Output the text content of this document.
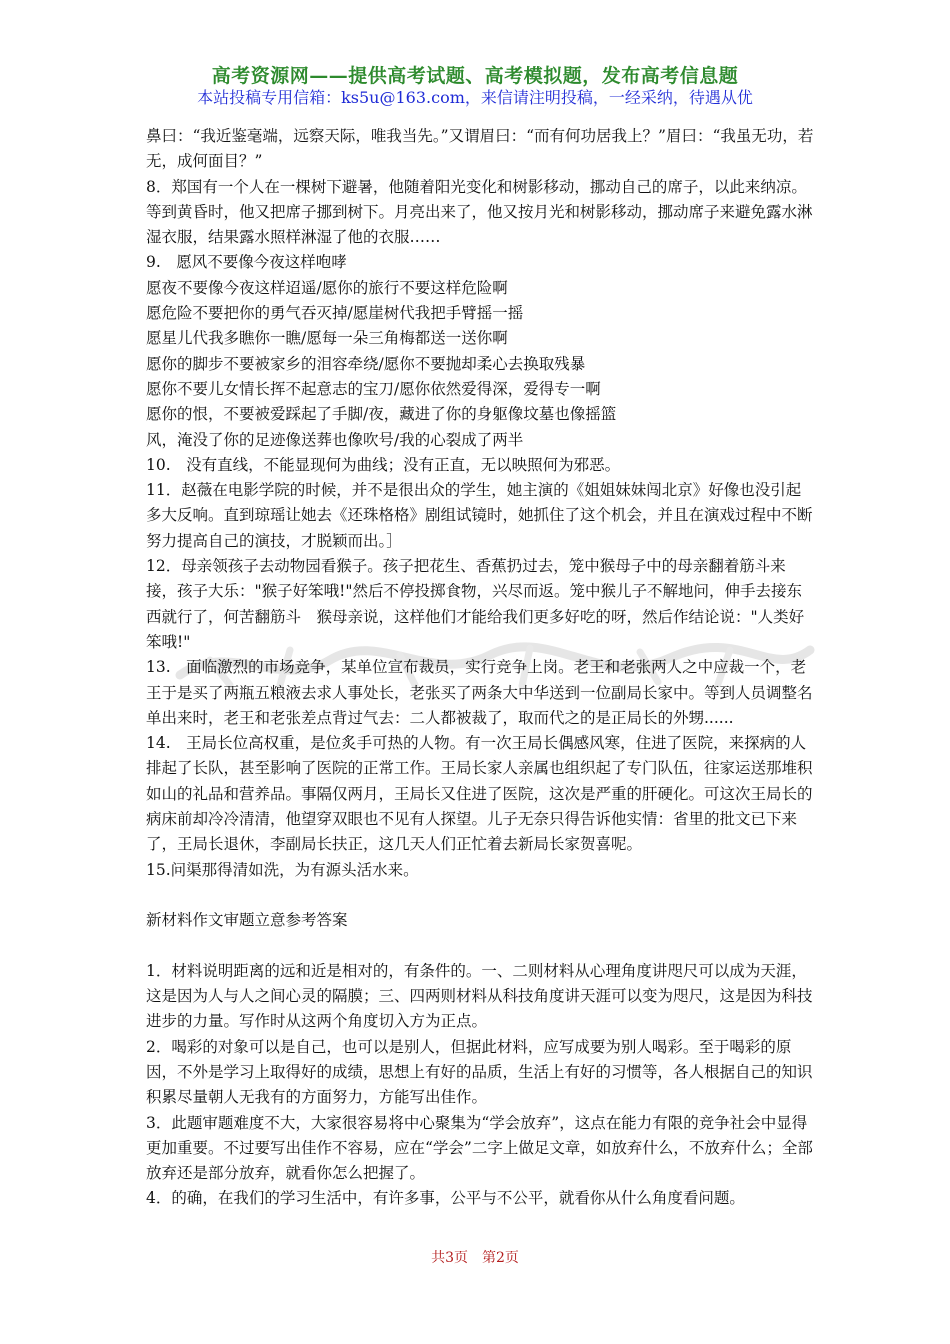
高考资源网——提供高考试题、高考模拟题，发布高考信息题
本站投稿专用信箱：ks5u@163.com，来信请注明投稿，一经采纳，待遇从优

鼻曰：“我近鉴毫端，远察天际，唯我当先。”又谓眉曰：“而有何功居我上？”眉曰：“我虽无功，若无，成何面目？”

8．郑国有一个人在一棵树下避暑，他随着阳光变化和树影移动，挪动自己的席子，以此来纳凉。等到黄昏时，他又把席子挪到树下。月亮出来了，他又按月光和树影移动，挪动席子来避免露水淋湿衣服，结果露水照样淋湿了他的衣服……

9.　愿风不要像今夜这样咆哮

愿夜不要像今夜这样迢遥/愿你的旅行不要这样危险啊

愿危险不要把你的勇气吞灭掉/愿崖树代我把手臂摇一摇

愿星儿代我多瞧你一瞧/愿每一朵三角梅都送一送你啊

愿你的脚步不要被家乡的泪容牵绕/愿你不要抛却柔心去换取残暴

愿你不要儿女情长挥不起意志的宝刀/愿你依然爱得深，爱得专一啊

愿你的恨，不要被爱踩起了手脚/夜，藏进了你的身躯像坟墓也像摇篮

风，淹没了你的足迹像送葬也像吹号/我的心裂成了两半

10.　没有直线，不能显现何为曲线；没有正直，无以映照何为邪恶。

11．赵薇在电影学院的时候，并不是很出众的学生，她主演的《姐姐妹妹闯北京》好像也没引起多大反响。直到琼瑶让她去《还珠格格》剧组试镜时，她抓住了这个机会，并且在演戏过程中不断努力提高自己的演技，才脱颖而出。］

12．母亲领孩子去动物园看猴子。孩子把花生、香蕉扔过去，笼中猴母子中的母亲翻着筋斗来接，孩子大乐："猴子好笨哦!"然后不停投掷食物，兴尽而返。笼中猴儿子不解地问，伸手去接东西就行了，何苦翻筋斗　猴母亲说，这样他们才能给我们更多好吃的呀，然后作结论说："人类好笨哦!"

13.　面临激烈的市场竞争，某单位宣布裁员，实行竞争上岗。老王和老张两人之中应裁一个，老王于是买了两瓶五粮液去求人事处长，老张买了两条大中华送到一位副局长家中。等到人员调整名单出来时，老王和老张差点背过气去：二人都被裁了，取而代之的是正局长的外甥......

14.　王局长位高权重，是位炙手可热的人物。有一次王局长偶感风寒，住进了医院，来探病的人排起了长队，甚至影响了医院的正常工作。王局长家人亲属也组织起了专门队伍，往家运送那堆积如山的礼品和营养品。事隔仅两月，王局长又住进了医院，这次是严重的肝硬化。可这次王局长的病床前却冷冷清清，他望穿双眼也不见有人探望。儿子无奈只得告诉他实情：省里的批文已下来了，王局长退休，李副局长扶正，这几天人们正忙着去新局长家贺喜呢。

15.问渠那得清如洗，为有源头活水来。

新材料作文审题立意参考答案

1．材料说明距离的远和近是相对的，有条件的。一、二则材料从心理角度讲咫尺可以成为天涯，这是因为人与人之间心灵的隔膜；三、四两则材料从科技角度讲天涯可以变为咫尺，这是因为科技进步的力量。写作时从这两个角度切入方为正点。

2．喝彩的对象可以是自己，也可以是别人，但据此材料，应写成要为别人喝彩。至于喝彩的原因，不外是学习上取得好的成绩，思想上有好的品质，生活上有好的习惯等，各人根据自己的知识积累尽量朝人无我有的方面努力，方能写出佳作。

3．此题审题难度不大，大家很容易将中心聚集为“学会放弃”，这点在能力有限的竞争社会中显得更加重要。不过要写出佳作不容易，应在“学会”二字上做足文章，如放弃什么，不放弃什么；全部放弃还是部分放弃，就看你怎么把握了。

4．的确，在我们的学习生活中，有许多事，公平与不公平，就看你从什么角度看问题。

共3页　第2页
